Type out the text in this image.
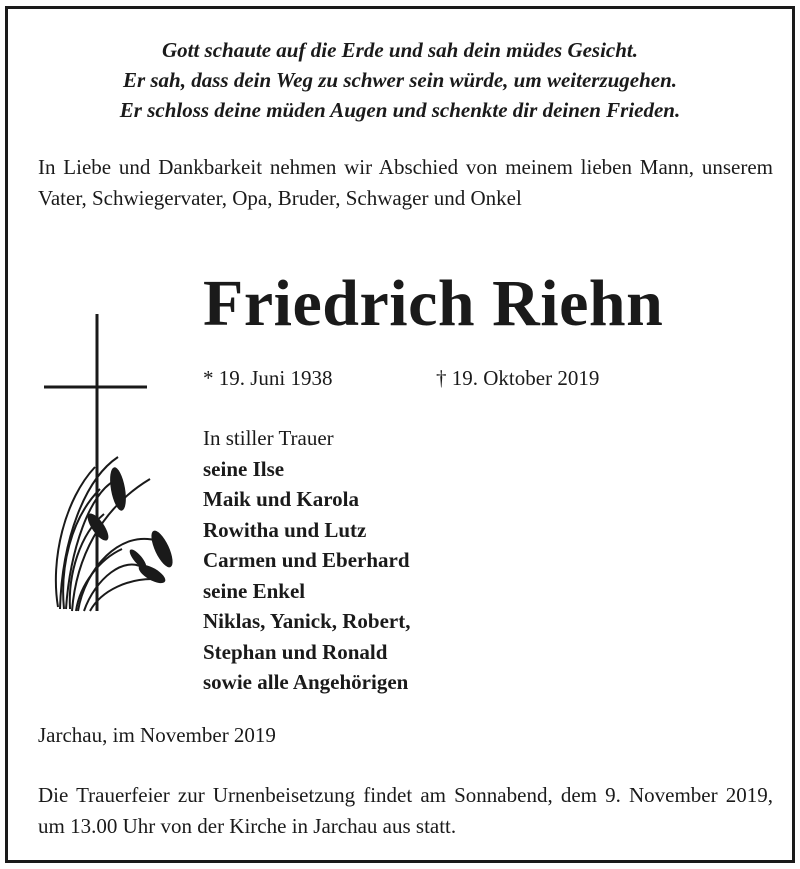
Gott schaute auf die Erde und sah dein müdes Gesicht.
Er sah, dass dein Weg zu schwer sein würde, um weiterzugehen.
Er schloss deine müden Augen und schenkte dir deinen Frieden.
In Liebe und Dankbarkeit nehmen wir Abschied von meinem lieben Mann, unserem Vater, Schwiegervater, Opa, Bruder, Schwager und Onkel
Friedrich Riehn
* 19. Juni 1938	† 19. Oktober 2019
In stiller Trauer
seine Ilse
Maik und Karola
Rowitha und Lutz
Carmen und Eberhard
seine Enkel
Niklas, Yanick, Robert,
Stephan und Ronald
sowie alle Angehörigen
Jarchau, im November 2019
Die Trauerfeier zur Urnenbeisetzung findet am Sonnabend, dem 9. November 2019, um 13.00 Uhr von der Kirche in Jarchau aus statt.
